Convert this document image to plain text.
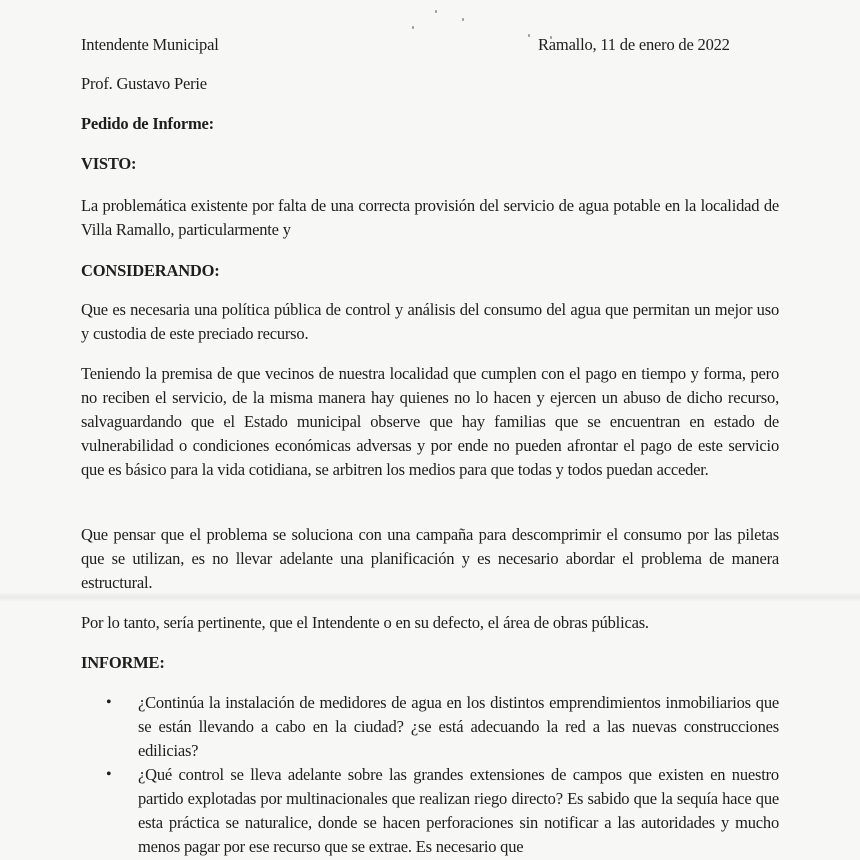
Intendente Municipal	Ramallo, 11 de enero de 2022
Prof. Gustavo Perie
Pedido de Informe:
VISTO:
La problemática existente por falta de una correcta provisión del servicio de agua potable en la localidad de Villa Ramallo, particularmente y
CONSIDERANDO:
Que es necesaria una política pública de control y análisis del consumo del agua que permitan un mejor uso y custodia de este preciado recurso.
Teniendo la premisa de que vecinos de nuestra localidad que cumplen con el pago en tiempo y forma, pero no reciben el servicio, de la misma manera hay quienes no lo hacen y ejercen un abuso de dicho recurso, salvaguardando que el Estado municipal observe que hay familias que se encuentran en estado de vulnerabilidad o condiciones económicas adversas y por ende no pueden afrontar el pago de este servicio que es básico para la vida cotidiana, se arbitren los medios para que todas y todos puedan acceder.
Que pensar que el problema se soluciona con una campaña para descomprimir el consumo por las piletas que se utilizan, es no llevar adelante una planificación y es necesario abordar el problema de manera estructural.
Por lo tanto, sería pertinente, que el Intendente o en su defecto, el área de obras públicas.
INFORME:
• ¿Continúa la instalación de medidores de agua en los distintos emprendimientos inmobiliarios que se están llevando a cabo en la ciudad? ¿se está adecuando la red a las nuevas construcciones edilicias?
• ¿Qué control se lleva adelante sobre las grandes extensiones de campos que existen en nuestro partido explotadas por multinacionales que realizan riego directo? Es sabido que la sequía hace que esta práctica se naturalice, donde se hacen perforaciones sin notificar a las autoridades y mucho menos pagar por ese recurso que se extrae. Es necesario que
